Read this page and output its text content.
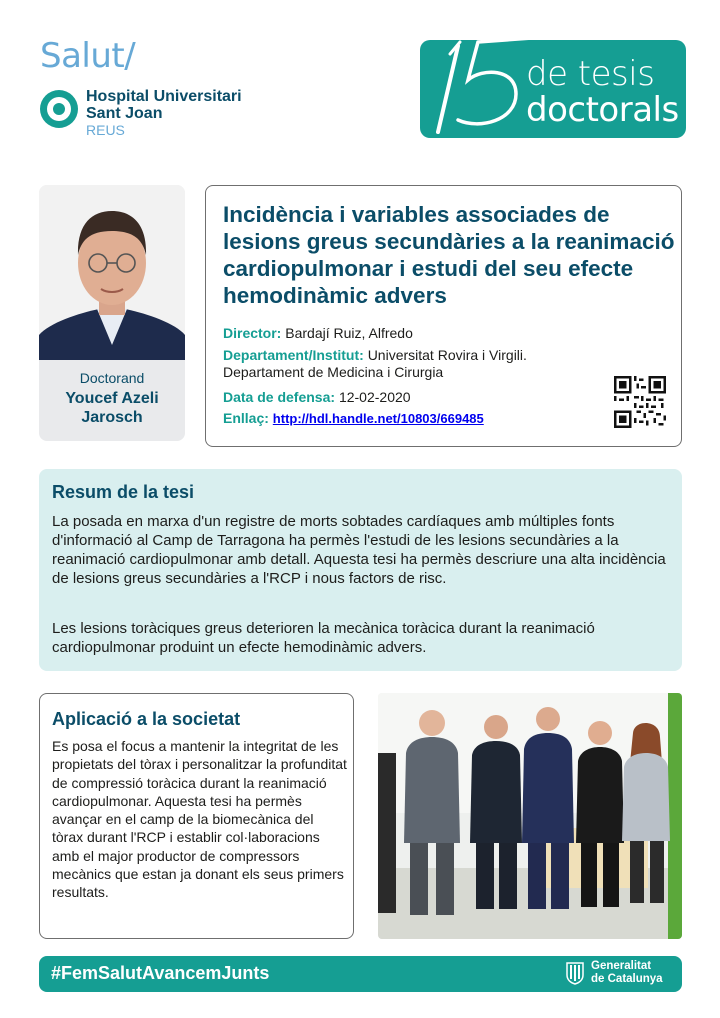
Salut/
Hospital Universitari
Sant Joan
REUS
anys
de tesis
doctorals
Doctorand
Youcef Azeli
Jarosch
Incidència i variables associades de lesions greus secundàries a la reanimació cardiopulmonar i estudi del seu efecte hemodinàmic advers
Director: Bardají Ruiz, Alfredo
Departament/Institut: Universitat Rovira i Virgili. Departament de Medicina i Cirurgia
Data de defensa: 12-02-2020
Enllaç: http://hdl.handle.net/10803/669485
Resum de la tesi

La posada en marxa d'un registre de morts sobtades cardíaques amb múltiples fonts d'informació al Camp de Tarragona ha permès l'estudi de les lesions secundàries a la reanimació cardiopulmonar amb detall. Aquesta tesi ha permès descriure una alta incidència de lesions greus secundàries a l'RCP i nous factors de risc.

Les lesions toràciques greus deterioren la mecànica toràcica durant la reanimació cardiopulmonar produint un efecte hemodinàmic advers.

Aplicació a la societat

Es posa el focus a mantenir la integritat de les propietats del tòrax i personalitzar la profunditat de compressió toràcica durant la reanimació cardiopulmonar. Aquesta tesi ha permès avançar en el camp de la biomecànica del tòrax durant l'RCP i establir col·laboracions amb el major productor de compressors mecànics que estan ja donant els seus primers resultats.

#FemSalutAvancemJunts	Generalitat
de Catalunya
